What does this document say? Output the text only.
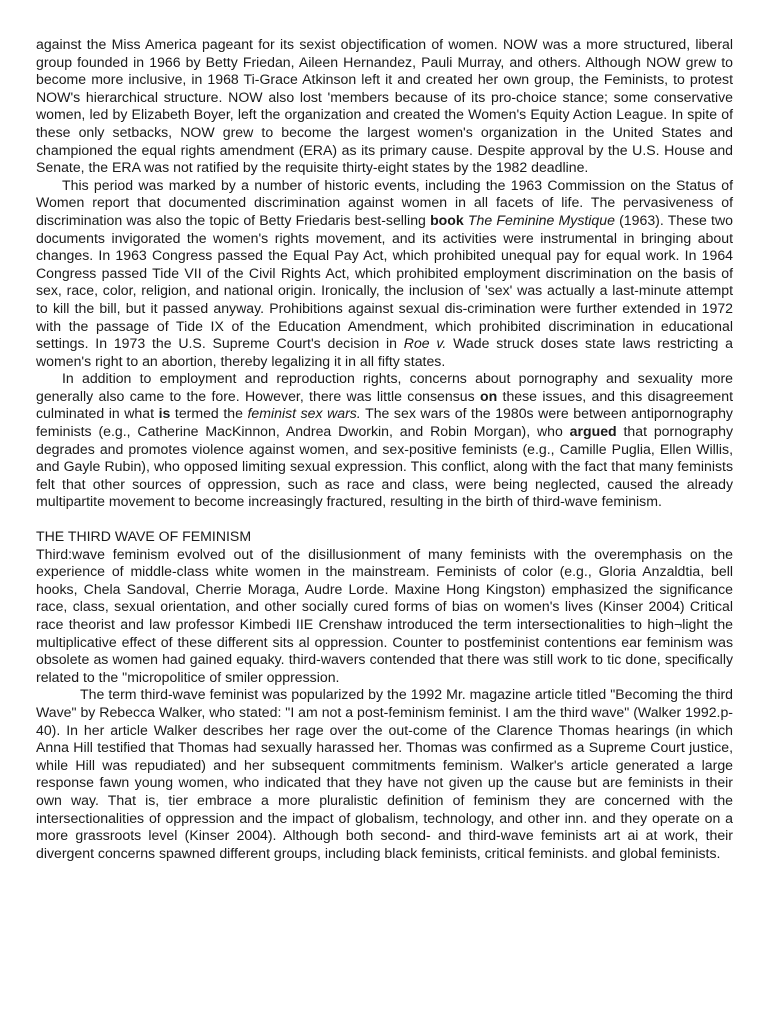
against the Miss America pageant for its sexist objectification of women. NOW was a more structured, liberal group founded in 1966 by Betty Friedan, Aileen Hernandez, Pauli Murray, and others. Although NOW grew to become more inclusive, in 1968 Ti-Grace Atkinson left it and created her own group, the Feminists, to protest NOW's hierarchical structure. NOW also lost 'members because of its pro-choice stance; some conservative women, led by Elizabeth Boyer, left the organization and created the Women's Equity Action League. In spite of these only setbacks, NOW grew to become the largest women's organization in the United States and championed the equal rights amendment (ERA) as its primary cause. Despite approval by the U.S. House and Senate, the ERA was not ratified by the requisite thirty-eight states by the 1982 deadline.

This period was marked by a number of historic events, including the 1963 Commission on the Status of Women report that documented discrimination against women in all facets of life. The pervasiveness of discrimination was also the topic of Betty Friedaris best-selling book The Feminine Mystique (1963). These two documents invigorated the women's rights movement, and its activities were instrumental in bringing about changes. In 1963 Congress passed the Equal Pay Act, which prohibited unequal pay for equal work. In 1964 Congress passed Tide VII of the Civil Rights Act, which prohibited employment discrimination on the basis of sex, race, color, religion, and national origin. Ironically, the inclusion of 'sex' was actually a last-minute attempt to kill the bill, but it passed anyway. Prohibitions against sexual dis-crimination were further extended in 1972 with the passage of Tide IX of the Education Amendment, which prohibited discrimination in educational settings. In 1973 the U.S. Supreme Court's decision in Roe v. Wade struck doses state laws restricting a women's right to an abortion, thereby legalizing it in all fifty states.

In addition to employment and reproduction rights, concerns about pornography and sexuality more generally also came to the fore. However, there was little consensus on these issues, and this disagreement culminated in what is termed the feminist sex wars. The sex wars of the 1980s were between antipornography feminists (e.g., Catherine MacKinnon, Andrea Dworkin, and Robin Morgan), who argued that pornography degrades and promotes violence against women, and sex-positive feminists (e.g., Camille Puglia, Ellen Willis, and Gayle Rubin), who opposed limiting sexual expression. This conflict, along with the fact that many feminists felt that other sources of oppression, such as race and class, were being neglected, caused the already multipartite movement to become increasingly fractured, resulting in the birth of third-wave feminism.

THE THIRD WAVE OF FEMINISM

Third:wave feminism evolved out of the disillusionment of many feminists with the overemphasis on the experience of middle-class white women in the mainstream. Feminists of color (e.g., Gloria Anzaldtia, bell hooks, Chela Sandoval, Cherrie Moraga, Audre Lorde. Maxine Hong Kingston) emphasized the significance race, class, sexual orientation, and other socially cured forms of bias on women's lives (Kinser 2004) Critical race theorist and law professor Kimbedi IIE Crenshaw introduced the term intersectionalities to high¬light the multiplicative effect of these different sits al oppression. Counter to postfeminist contentions ear feminism was obsolete as women had gained equaky. third-wavers contended that there was still work to tic done, specifically related to the "micropolitice of smiler oppression.

The term third-wave feminist was popularized by the 1992 Mr. magazine article titled "Becoming the third Wave" by Rebecca Walker, who stated: "I am not a post-feminism feminist. I am the third wave" (Walker 1992.p- 40). In her article Walker describes her rage over the out-come of the Clarence Thomas hearings (in which Anna Hill testified that Thomas had sexually harassed her. Thomas was confirmed as a Supreme Court justice, while Hill was repudiated) and her subsequent commitments feminism. Walker's article generated a large response fawn young women, who indicated that they have not given up the cause but are feminists in their own way. That is, tier embrace a more pluralistic definition of feminism they are concerned with the intersectionalities of oppression and the impact of globalism, technology, and other inn. and they operate on a more grassroots level (Kinser 2004). Although both second- and third-wave feminists art ai at work, their divergent concerns spawned different groups, including black feminists, critical feminists. and global feminists.
